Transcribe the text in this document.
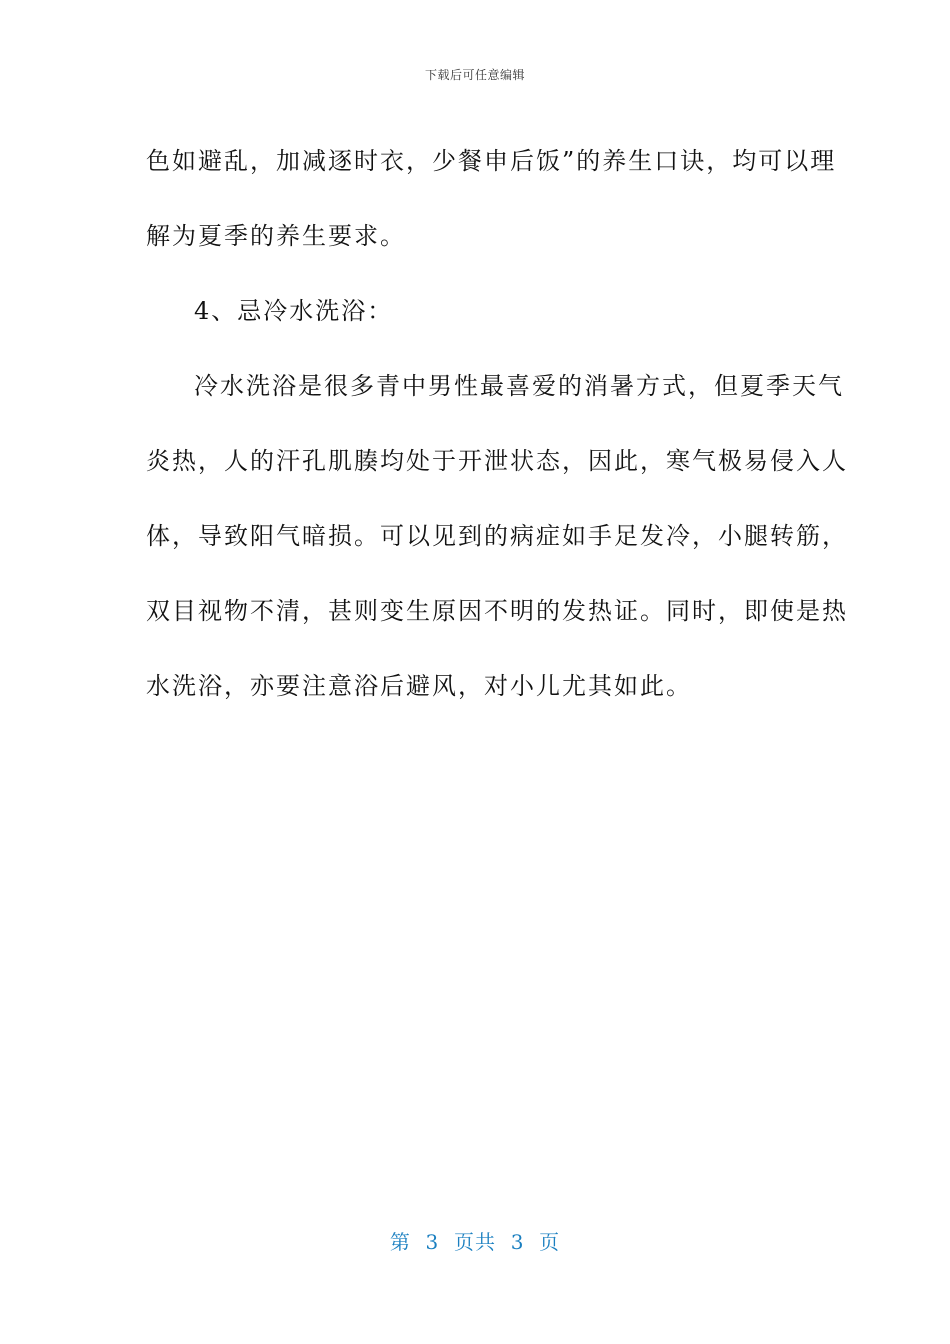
下载后可任意编辑
色如避乱，加减逐时衣，少餐申后饭”的养生口诀，均可以理
解为夏季的养生要求。
4、忌冷水洗浴：
冷水洗浴是很多青中男性最喜爱的消暑方式，但夏季天气
炎热，人的汗孔肌腠均处于开泄状态，因此，寒气极易侵入人
体，导致阳气暗损。可以见到的病症如手足发冷，小腿转筋，
双目视物不清，甚则变生原因不明的发热证。同时，即使是热
水洗浴，亦要注意浴后避风，对小儿尤其如此。
第  3  页共  3  页
